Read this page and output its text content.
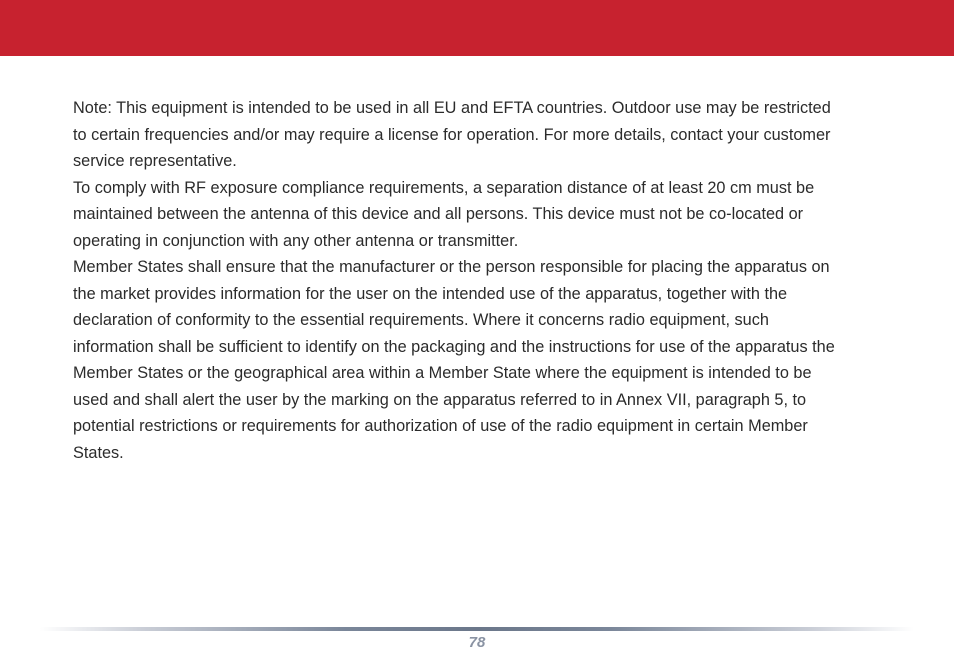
Note: This equipment is intended to be used in all EU and EFTA countries. Outdoor use may be restricted to certain frequencies and/or may require a license for operation. For more details, contact your customer service representative.

To comply with RF exposure compliance requirements, a separation distance of at least 20 cm must be maintained between the antenna of this device and all persons. This device must not be co-located or operating in conjunction with any other antenna or transmitter.

Member States shall ensure that the manufacturer or the person responsible for placing the apparatus on the market provides information for the user on the intended use of the apparatus, together with the declaration of conformity to the essential requirements. Where it concerns radio equipment, such information shall be sufficient to identify on the packaging and the instructions for use of the apparatus the Member States or the geographical area within a Member State where the equipment is intended to be used and shall alert the user by the marking on the apparatus referred to in Annex VII, paragraph 5, to potential restrictions or requirements for authorization of use of the radio equipment in certain Member States.

78
